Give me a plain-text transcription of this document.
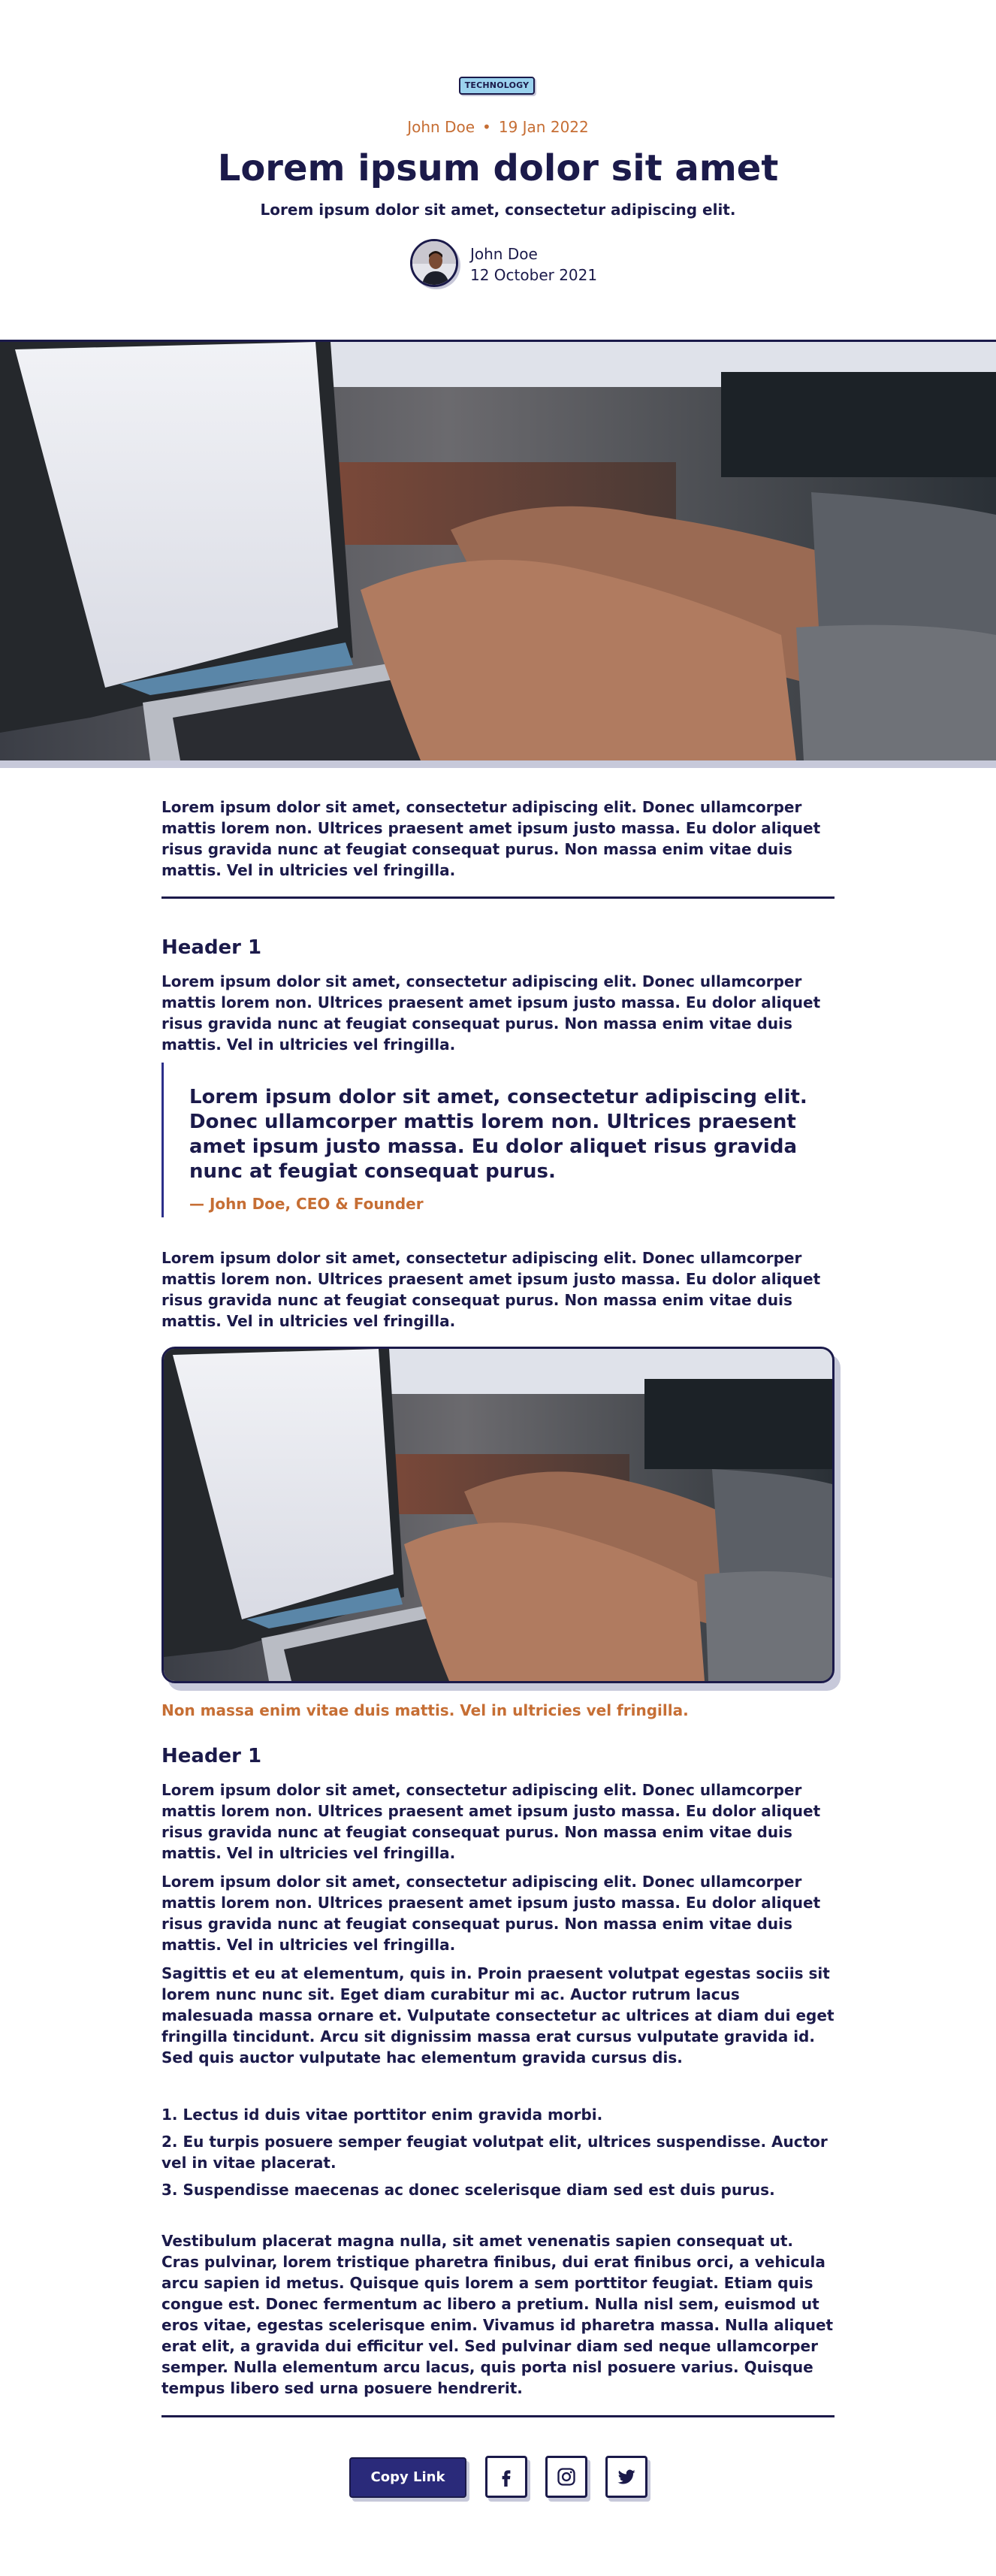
TECHNOLOGY
John Doe • 19 Jan 2022
Lorem ipsum dolor sit amet
Lorem ipsum dolor sit amet, consectetur adipiscing elit.
John Doe
12 October 2021

Lorem ipsum dolor sit amet, consectetur adipiscing elit. Donec ullamcorper mattis lorem non. Ultrices praesent amet ipsum justo massa. Eu dolor aliquet risus gravida nunc at feugiat consequat purus. Non massa enim vitae duis mattis. Vel in ultricies vel fringilla.

Header 1

Lorem ipsum dolor sit amet, consectetur adipiscing elit. Donec ullamcorper mattis lorem non. Ultrices praesent amet ipsum justo massa. Eu dolor aliquet risus gravida nunc at feugiat consequat purus. Non massa enim vitae duis mattis. Vel in ultricies vel fringilla.

Lorem ipsum dolor sit amet, consectetur adipiscing elit. Donec ullamcorper mattis lorem non. Ultrices praesent amet ipsum justo massa. Eu dolor aliquet risus gravida nunc at feugiat consequat purus.

— John Doe, CEO & Founder

Lorem ipsum dolor sit amet, consectetur adipiscing elit. Donec ullamcorper mattis lorem non. Ultrices praesent amet ipsum justo massa. Eu dolor aliquet risus gravida nunc at feugiat consequat purus. Non massa enim vitae duis mattis. Vel in ultricies vel fringilla.

Non massa enim vitae duis mattis. Vel in ultricies vel fringilla.
Header 1

Lorem ipsum dolor sit amet, consectetur adipiscing elit. Donec ullamcorper mattis lorem non. Ultrices praesent amet ipsum justo massa. Eu dolor aliquet risus gravida nunc at feugiat consequat purus. Non massa enim vitae duis mattis. Vel in ultricies vel fringilla.

Lorem ipsum dolor sit amet, consectetur adipiscing elit. Donec ullamcorper mattis lorem non. Ultrices praesent amet ipsum justo massa. Eu dolor aliquet risus gravida nunc at feugiat consequat purus. Non massa enim vitae duis mattis. Vel in ultricies vel fringilla.

Sagittis et eu at elementum, quis in. Proin praesent volutpat egestas sociis sit lorem nunc nunc sit. Eget diam curabitur mi ac. Auctor rutrum lacus malesuada massa ornare et. Vulputate consectetur ac ultrices at diam dui eget fringilla tincidunt. Arcu sit dignissim massa erat cursus vulputate gravida id. Sed quis auctor vulputate hac elementum gravida cursus dis.

1. Lectus id duis vitae porttitor enim gravida morbi.
2. Eu turpis posuere semper feugiat volutpat elit, ultrices suspendisse. Auctor vel in vitae placerat.
3. Suspendisse maecenas ac donec scelerisque diam sed est duis purus.

Vestibulum placerat magna nulla, sit amet venenatis sapien consequat ut. Cras pulvinar, lorem tristique pharetra finibus, dui erat finibus orci, a vehicula arcu sapien id metus. Quisque quis lorem a sem porttitor feugiat. Etiam quis congue est. Donec fermentum ac libero a pretium. Nulla nisl sem, euismod ut eros vitae, egestas scelerisque enim. Vivamus id pharetra massa. Nulla aliquet erat elit, a gravida dui efficitur vel. Sed pulvinar diam sed neque ullamcorper semper. Nulla elementum arcu lacus, quis porta nisl posuere varius. Quisque tempus libero sed urna posuere hendrerit.

Copy Link
